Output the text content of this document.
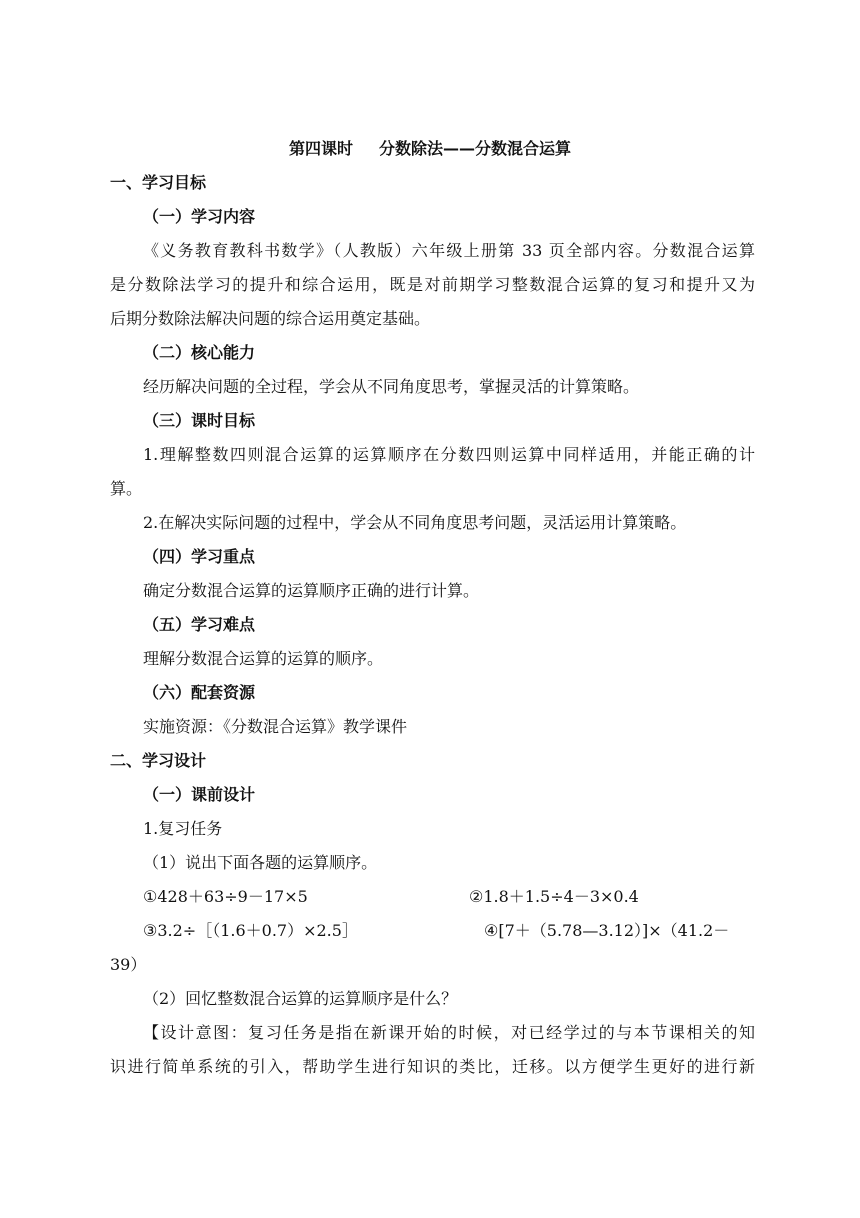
第四课时 分数除法——分数混合运算
一、学习目标
（一）学习内容
《义务教育教科书数学》（人教版）六年级上册第 33 页全部内容。分数混合运算
是分数除法学习的提升和综合运用，既是对前期学习整数混合运算的复习和提升又为
后期分数除法解决问题的综合运用奠定基础。
（二）核心能力
经历解决问题的全过程，学会从不同角度思考，掌握灵活的计算策略。
（三）课时目标
1.理解整数四则混合运算的运算顺序在分数四则运算中同样适用，并能正确的计
算。
2.在解决实际问题的过程中，学会从不同角度思考问题，灵活运用计算策略。
（四）学习重点
确定分数混合运算的运算顺序正确的进行计算。
（五）学习难点
理解分数混合运算的运算的顺序。
（六）配套资源
实施资源：《分数混合运算》教学课件
二、学习设计
（一）课前设计
1.复习任务
（1）说出下面各题的运算顺序。
①428＋63÷9－17×5	②1.8＋1.5÷4－3×0.4
③3.2÷［（1.6＋0.7）×2.5］	④[7＋（5.78—3.12）]×（41.2－
39）
（2）回忆整数混合运算的运算顺序是什么？
【设计意图：复习任务是指在新课开始的时候，对已经学过的与本节课相关的知
识进行简单系统的引入，帮助学生进行知识的类比，迁移。以方便学生更好的进行新
